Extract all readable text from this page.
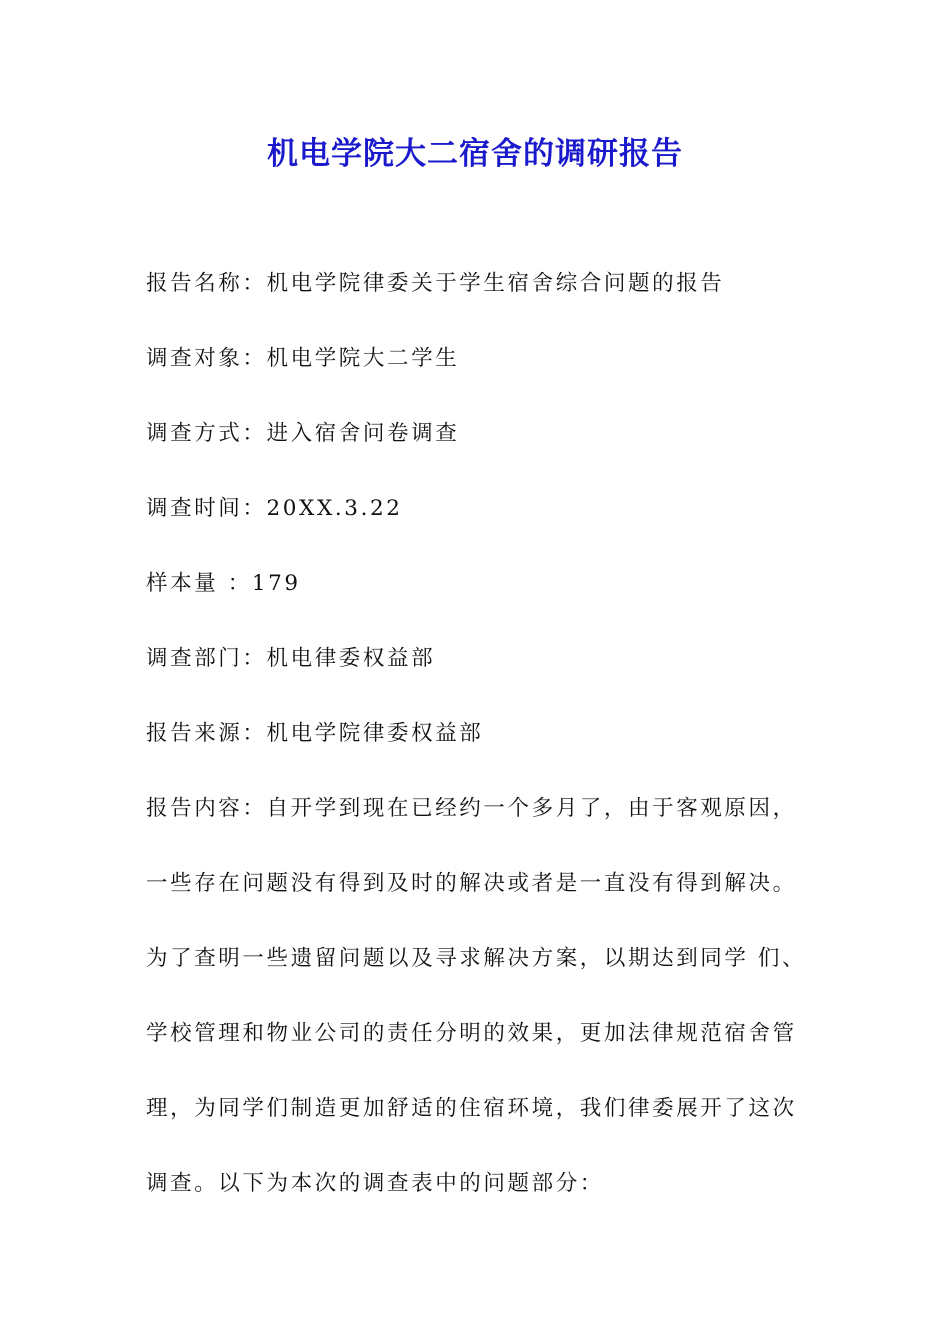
机电学院大二宿舍的调研报告

报告名称：机电学院律委关于学生宿舍综合问题的报告

调查对象：机电学院大二学生

调查方式：进入宿舍问卷调查

调查时间：20XX.3.22

样本量 ：179

调查部门：机电律委权益部

报告来源：机电学院律委权益部

报告内容：自开学到现在已经约一个多月了，由于客观原因，

一些存在问题没有得到及时的解决或者是一直没有得到解决。

为了查明一些遗留问题以及寻求解决方案，以期达到同学 们、

学校管理和物业公司的责任分明的效果，更加法律规范宿舍管

理，为同学们制造更加舒适的住宿环境，我们律委展开了这次

调查。以下为本次的调查表中的问题部分：
